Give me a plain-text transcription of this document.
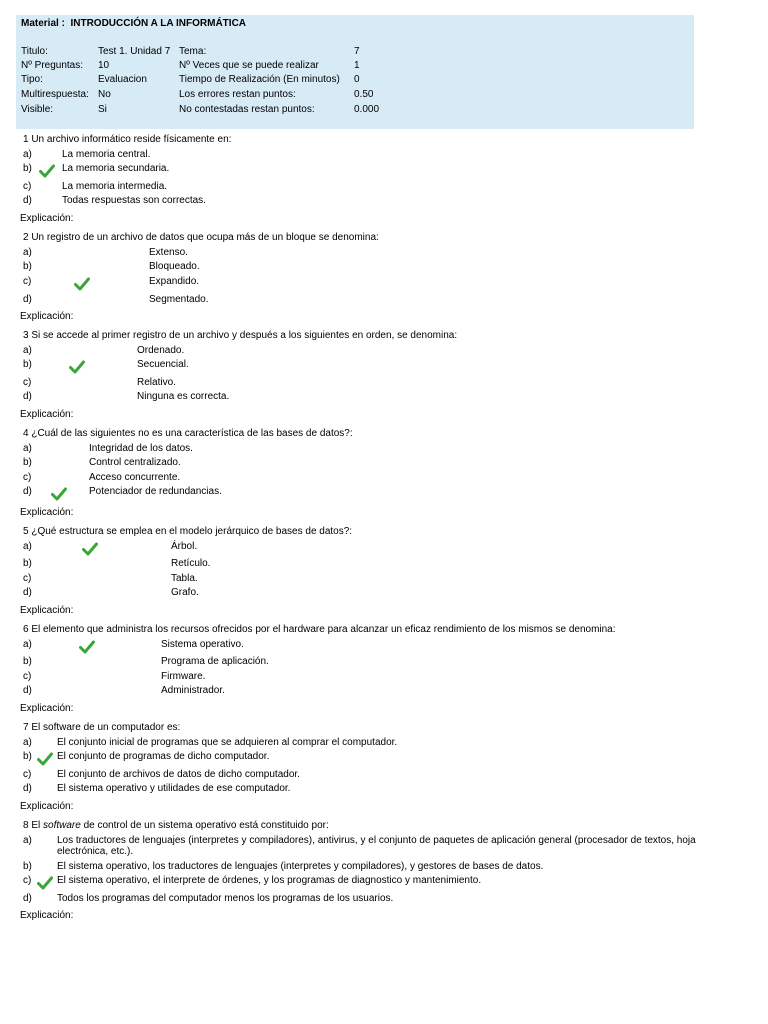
Material : INTRODUCCIÓN A LA INFORMÁTICA
Titulo:	Test 1. Unidad 7 Tema:	7
Nº Preguntas: 10	Nº Veces que se puede realizar	1
Tipo:	Evaluacion	Tiempo de Realización (En minutos) 0
Multirespuesta: No	Los errores restan puntos:	0.50
Visible:	Si	No contestadas restan puntos:	0.000
1 Un archivo informático reside físicamente en:
a)	La memoria central.
b)	La memoria secundaria.
c)	La memoria intermedia.
d)	Todas respuestas son correctas.
Explicación:
2 Un registro de un archivo de datos que ocupa más de un bloque se denomina:
a)	Extenso.
b)	Bloqueado.
c)	Expandido.
d)	Segmentado.
Explicación:
3 Si se accede al primer registro de un archivo y después a los siguientes en orden, se denomina:
a)	Ordenado.
b)	Secuencial.
c)	Relativo.
d)	Ninguna es correcta.
Explicación:
4 ¿Cuál de las siguientes no es una característica de las bases de datos?:
a)	Integridad de los datos.
b)	Control centralizado.
c)	Acceso concurrente.
d)	Potenciador de redundancias.
Explicación:
5 ¿Qué estructura se emplea en el modelo jerárquico de bases de datos?:
a)	Árbol.
b)	Retículo.
c)	Tabla.
d)	Grafo.
Explicación:
6 El elemento que administra los recursos ofrecidos por el hardware para alcanzar un eficaz rendimiento de los mismos se denomina:
a)	Sistema operativo.
b)	Programa de aplicación.
c)	Firmware.
d)	Administrador.
Explicación:
7 El software de un computador es:
a)	El conjunto inicial de programas que se adquieren al comprar el computador.
b)	El conjunto de programas de dicho computador.
c)	El conjunto de archivos de datos de dicho computador.
d)	El sistema operativo y utilidades de ese computador.
Explicación:
8 El software de control de un sistema operativo está constituido por:
a)	Los traductores de lenguajes (interpretes y compiladores), antivirus, y el conjunto de paquetes de aplicación general (procesador de textos, hoja electrónica, etc.).
b)	El sistema operativo, los traductores de lenguajes (interpretes y compiladores), y gestores de bases de datos.
c)	El sistema operativo, el interprete de órdenes, y los programas de diagnostico y mantenimiento.
d)	Todos los programas del computador menos los programas de los usuarios.
Explicación:
